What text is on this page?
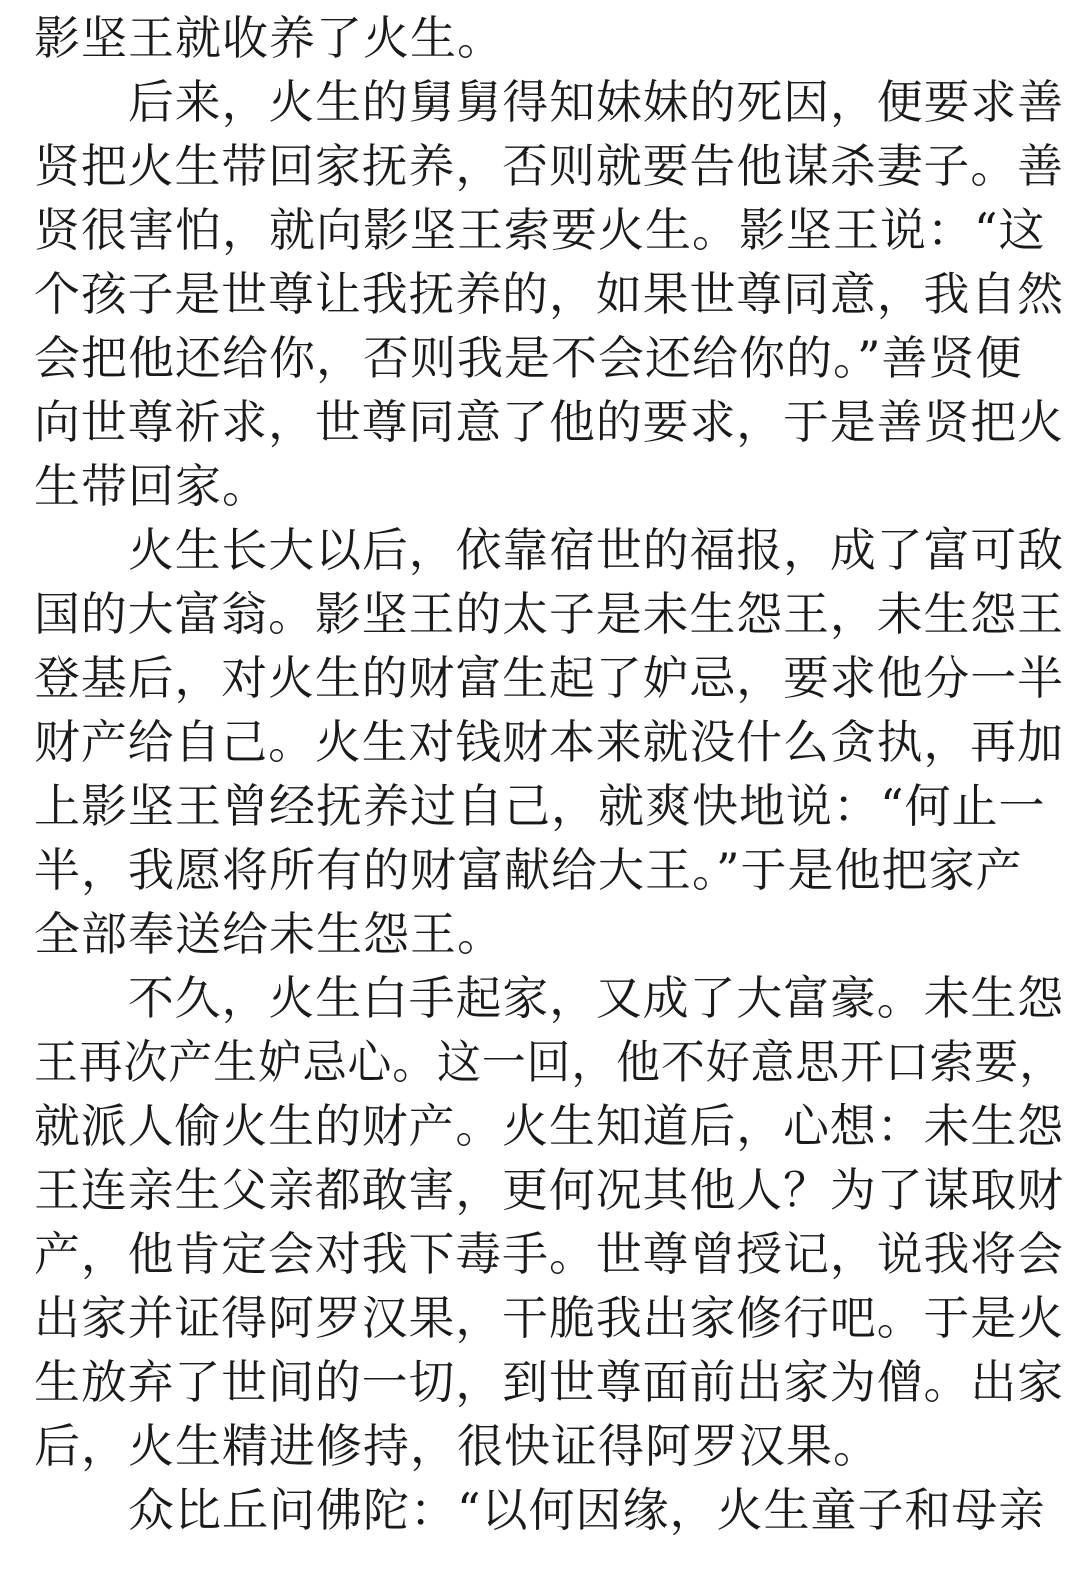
影坚王就收养了火生。
后来，火生的舅舅得知妹妹的死因，便要求善
贤把火生带回家抚养，否则就要告他谋杀妻子。善
贤很害怕，就向影坚王索要火生。影坚王说：“这
个孩子是世尊让我抚养的，如果世尊同意，我自然
会把他还给你，否则我是不会还给你的。”善贤便
向世尊祈求，世尊同意了他的要求，于是善贤把火
生带回家。
火生长大以后，依靠宿世的福报，成了富可敌
国的大富翁。影坚王的太子是未生怨王，未生怨王
登基后，对火生的财富生起了妒忌，要求他分一半
财产给自己。火生对钱财本来就没什么贪执，再加
上影坚王曾经抚养过自己，就爽快地说：“何止一
半，我愿将所有的财富献给大王。”于是他把家产
全部奉送给未生怨王。
不久，火生白手起家，又成了大富豪。未生怨
王再次产生妒忌心。这一回，他不好意思开口索要，
就派人偷火生的财产。火生知道后，心想：未生怨
王连亲生父亲都敢害，更何况其他人？为了谋取财
产，他肯定会对我下毒手。世尊曾授记，说我将会
出家并证得阿罗汉果，干脆我出家修行吧。于是火
生放弃了世间的一切，到世尊面前出家为僧。出家
后，火生精进修持，很快证得阿罗汉果。
众比丘问佛陀：“以何因缘，火生童子和母亲
